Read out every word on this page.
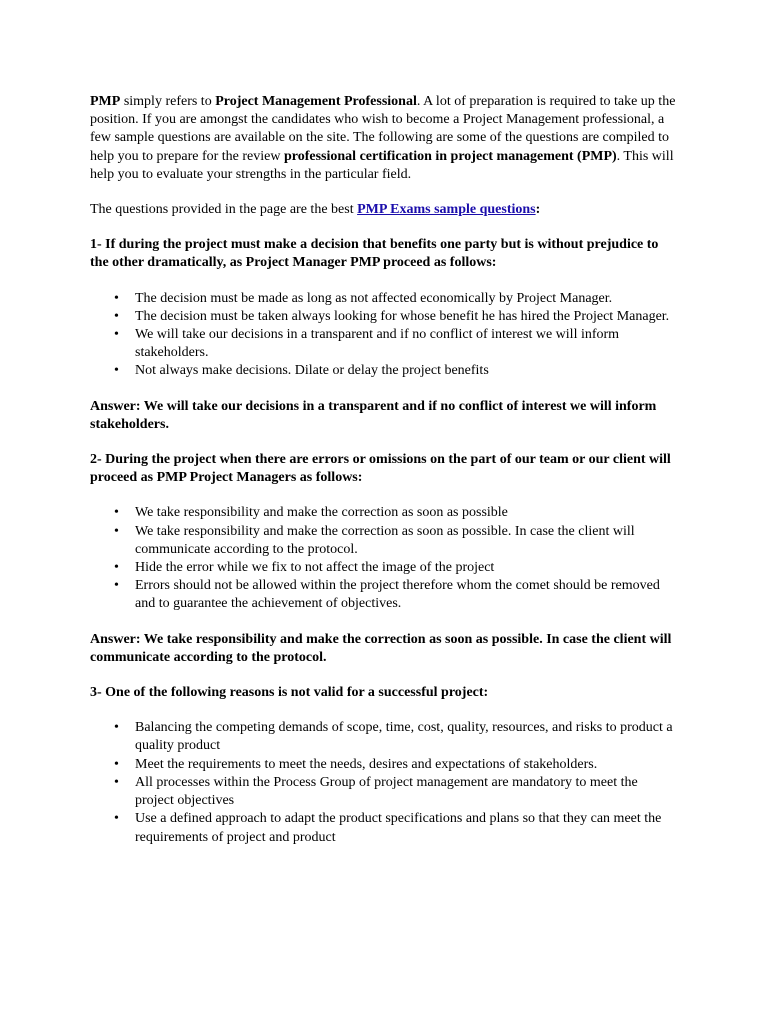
PMP simply refers to Project Management Professional. A lot of preparation is required to take up the position. If you are amongst the candidates who wish to become a Project Management professional, a few sample questions are available on the site. The following are some of the questions are compiled to help you to prepare for the review professional certification in project management (PMP). This will help you to evaluate your strengths in the particular field.

The questions provided in the page are the best PMP Exams sample questions:

1- If during the project must make a decision that benefits one party but is without prejudice to the other dramatically, as Project Manager PMP proceed as follows:

• The decision must be made as long as not affected economically by Project Manager.
• The decision must be taken always looking for whose benefit he has hired the Project Manager.
• We will take our decisions in a transparent and if no conflict of interest we will inform stakeholders.
• Not always make decisions. Dilate or delay the project benefits

Answer: We will take our decisions in a transparent and if no conflict of interest we will inform stakeholders.

2- During the project when there are errors or omissions on the part of our team or our client will proceed as PMP Project Managers as follows:

• We take responsibility and make the correction as soon as possible
• We take responsibility and make the correction as soon as possible. In case the client will communicate according to the protocol.
• Hide the error while we fix to not affect the image of the project
• Errors should not be allowed within the project therefore whom the comet should be removed and to guarantee the achievement of objectives.

Answer: We take responsibility and make the correction as soon as possible. In case the client will communicate according to the protocol.

3- One of the following reasons is not valid for a successful project:

• Balancing the competing demands of scope, time, cost, quality, resources, and risks to product a quality product
• Meet the requirements to meet the needs, desires and expectations of stakeholders.
• All processes within the Process Group of project management are mandatory to meet the project objectives
• Use a defined approach to adapt the product specifications and plans so that they can meet the requirements of project and product
